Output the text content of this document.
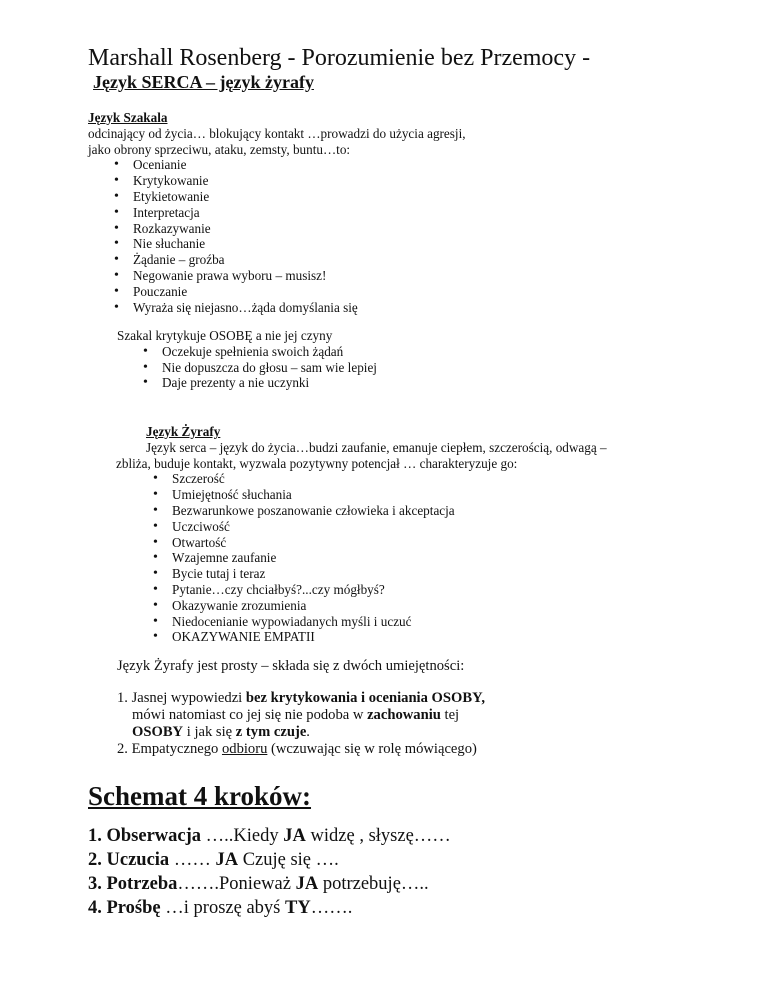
Marshall Rosenberg - Porozumienie bez Przemocy -
Język SERCA – język żyrafy
Język Szakala
odcinający od życia… blokujący kontakt …prowadzi do użycia agresji,
jako obrony sprzeciwu, ataku, zemsty, buntu…to:
• Ocenianie
• Krytykowanie
• Etykietowanie
• Interpretacja
• Rozkazywanie
• Nie słuchanie
• Żądanie – groźba
• Negowanie prawa wyboru – musisz!
• Pouczanie
• Wyraża się niejasno…żąda domyślania się
Szakal krytykuje OSOBĘ a nie jej czyny
• Oczekuje spełnienia swoich żądań
• Nie dopuszcza do głosu – sam wie lepiej
• Daje prezenty a nie uczynki
Język Żyrafy
Język serca – język do życia…budzi zaufanie, emanuje ciepłem, szczerością, odwagą –
zbliża, buduje kontakt, wyzwala pozytywny potencjał … charakteryzuje go:
• Szczerość
• Umiejętność słuchania
• Bezwarunkowe poszanowanie człowieka i akceptacja
• Uczciwość
• Otwartość
• Wzajemne zaufanie
• Bycie tutaj i teraz
• Pytanie…czy chciałbyś?...czy mógłbyś?
• Okazywanie zrozumienia
• Niedocenianie wypowiadanych myśli i uczuć
• OKAZYWANIE EMPATII
Język Żyrafy jest prosty – składa się z dwóch umiejętności:
1. Jasnej wypowiedzi bez krytykowania i oceniania OSOBY,
mówi natomiast co jej się nie podoba w zachowaniu tej
OSOBY i jak się z tym czuje.
2. Empatycznego odbioru (wczuwając się w rolę mówiącego)
Schemat 4 kroków:
1. Obserwacja …..Kiedy JA widzę , słyszę……
2. Uczucia …… JA Czuję się ….
3. Potrzeba…….Ponieważ JA potrzebuję…..
4. Prośbę …i proszę abyś TY…….
